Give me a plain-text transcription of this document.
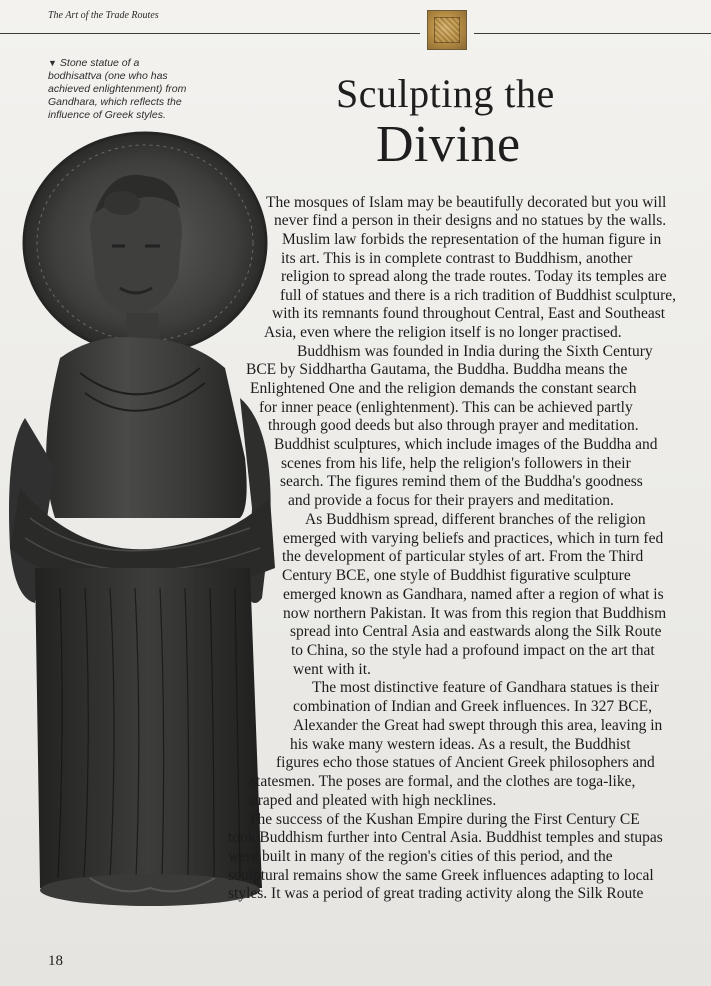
The Art of the Trade Routes
▼ Stone statue of a
bodhisattva (one who has
achieved enlightenment) from
Gandhara, which reflects the
influence of Greek styles.	Sculpting the
Divine
The mosques of Islam may be beautifully decorated but you will
never find a person in their designs and no statues by the walls.
Muslim law forbids the representation of the human figure in
its art. This is in complete contrast to Buddhism, another
religion to spread along the trade routes. Today its temples are
full of statues and there is a rich tradition of Buddhist sculpture,
with its remnants found throughout Central, East and Southeast
Asia, even where the religion itself is no longer practised.
Buddhism was founded in India during the Sixth Century
BCE by Siddhartha Gautama, the Buddha. Buddha means the
Enlightened One and the religion demands the constant search
for inner peace (enlightenment). This can be achieved partly
through good deeds but also through prayer and meditation.
Buddhist sculptures, which include images of the Buddha and
scenes from his life, help the religion's followers in their
search. The figures remind them of the Buddha's goodness
and provide a focus for their prayers and meditation.
As Buddhism spread, different branches of the religion
emerged with varying beliefs and practices, which in turn fed
the development of particular styles of art. From the Third
Century BCE, one style of Buddhist figurative sculpture
emerged known as Gandhara, named after a region of what is
now northern Pakistan. It was from this region that Buddhism
spread into Central Asia and eastwards along the Silk Route
to China, so the style had a profound impact on the art that
went with it.
The most distinctive feature of Gandhara statues is their
combination of Indian and Greek influences. In 327 BCE,
Alexander the Great had swept through this area, leaving in
his wake many western ideas. As a result, the Buddhist
figures echo those statues of Ancient Greek philosophers and
statesmen. The poses are formal, and the clothes are toga-like,
draped and pleated with high necklines.
The success of the Kushan Empire during the First Century CE
took Buddhism further into Central Asia. Buddhist temples and stupas
were built in many of the region's cities of this period, and the
sculptural remains show the same Greek influences adapting to local
styles. It was a period of great trading activity along the Silk Route
18
